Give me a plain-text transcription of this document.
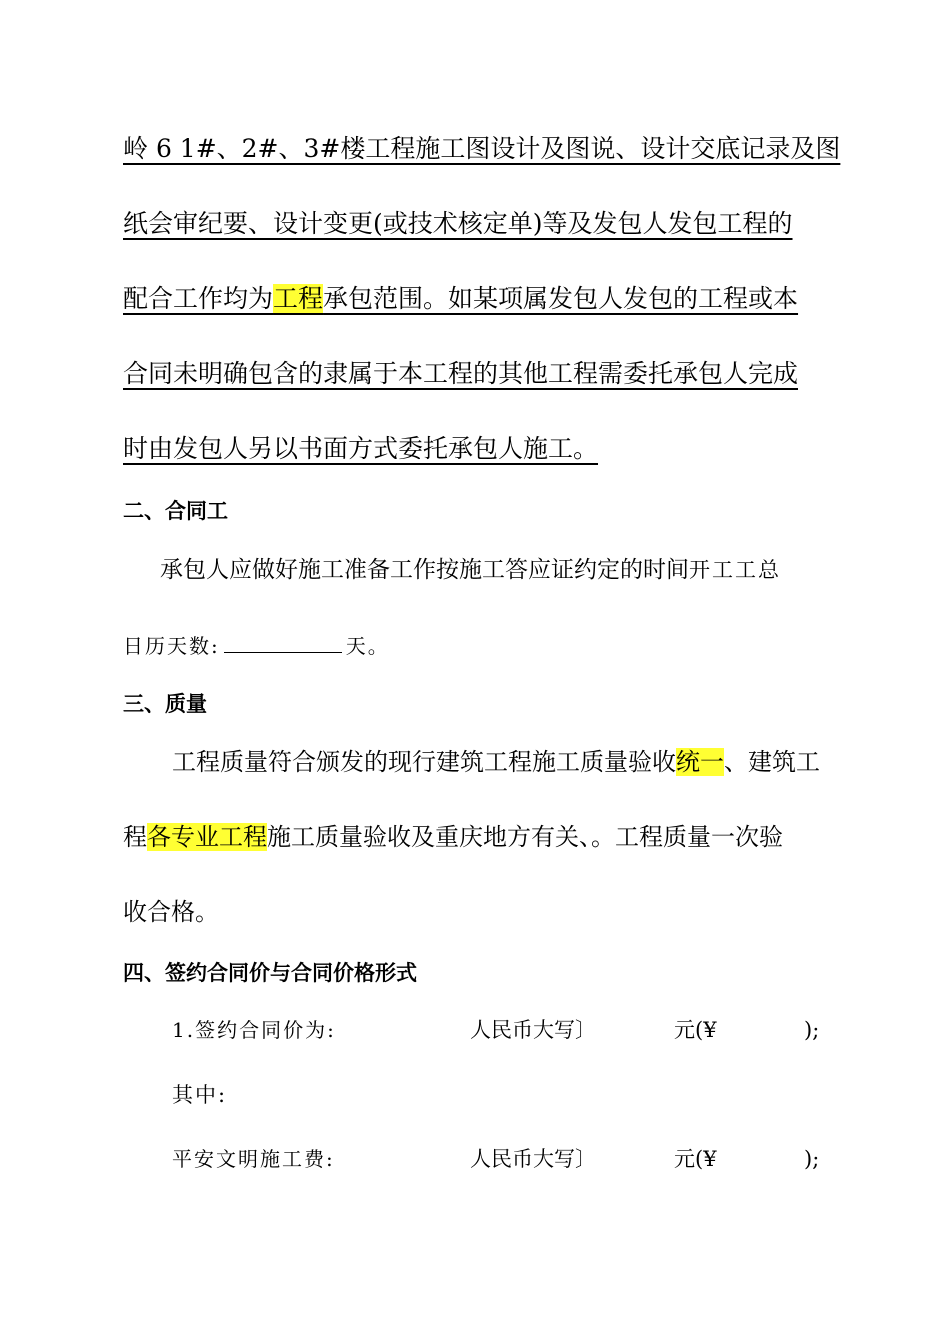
岭 6 1#、2#、3#楼工程施工图设计及图说、设计交底记录及图
纸会审纪要、设计变更(或技术核定单)等及发包人发包工程的
配合工作均为工程承包范围。如某项属发包人发包的工程或本
合同未明确包含的隶属于本工程的其他工程需委托承包人完成
时由发包人另以书面方式委托承包人施工。
二、合同工
承包人应做好施工准备工作按施工答应证约定的时间开工工总
日历天数:	天。
三、质量
工程质量符合颁发的现行建筑工程施工质量验收统一、建筑工
程各专业工程施工质量验收及重庆地方有关、。工程质量一次验
收合格。
四、签约合同价与合同价格形式
1.签约合同价为:	人民币大写〕	元(¥	);
其中:
平安文明施工费:	人民币大写〕	元(¥	);
